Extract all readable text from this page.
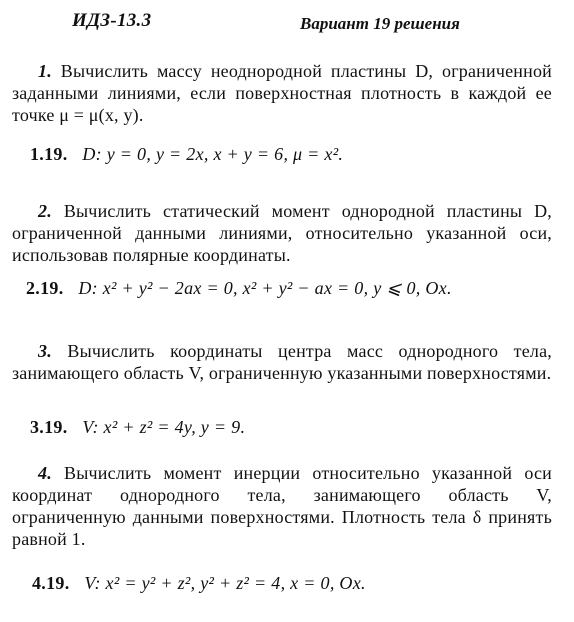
ИДЗ-13.3	Вариант 19 решения
1. Вычислить массу неоднородной пластины D, ограниченной заданными линиями, если поверхностная плотность в каждой ее точке μ = μ(x, y).
1.19. D: y = 0, y = 2x, x + y = 6, μ = x².
2. Вычислить статический момент однородной пластины D, ограниченной данными линиями, относительно указанной оси, использовав полярные координаты.
2.19. D: x² + y² − 2ax = 0, x² + y² − ax = 0, y ⩽ 0, Ox.
3. Вычислить координаты центра масс однородного тела, занимающего область V, ограниченную указанными поверхностями.
3.19. V: x² + z² = 4y, y = 9.
4. Вычислить момент инерции относительно указанной оси координат однородного тела, занимающего область V, ограниченную данными поверхностями. Плотность тела δ принять равной 1.
4.19. V: x² = y² + z², y² + z² = 4, x = 0, Ox.
